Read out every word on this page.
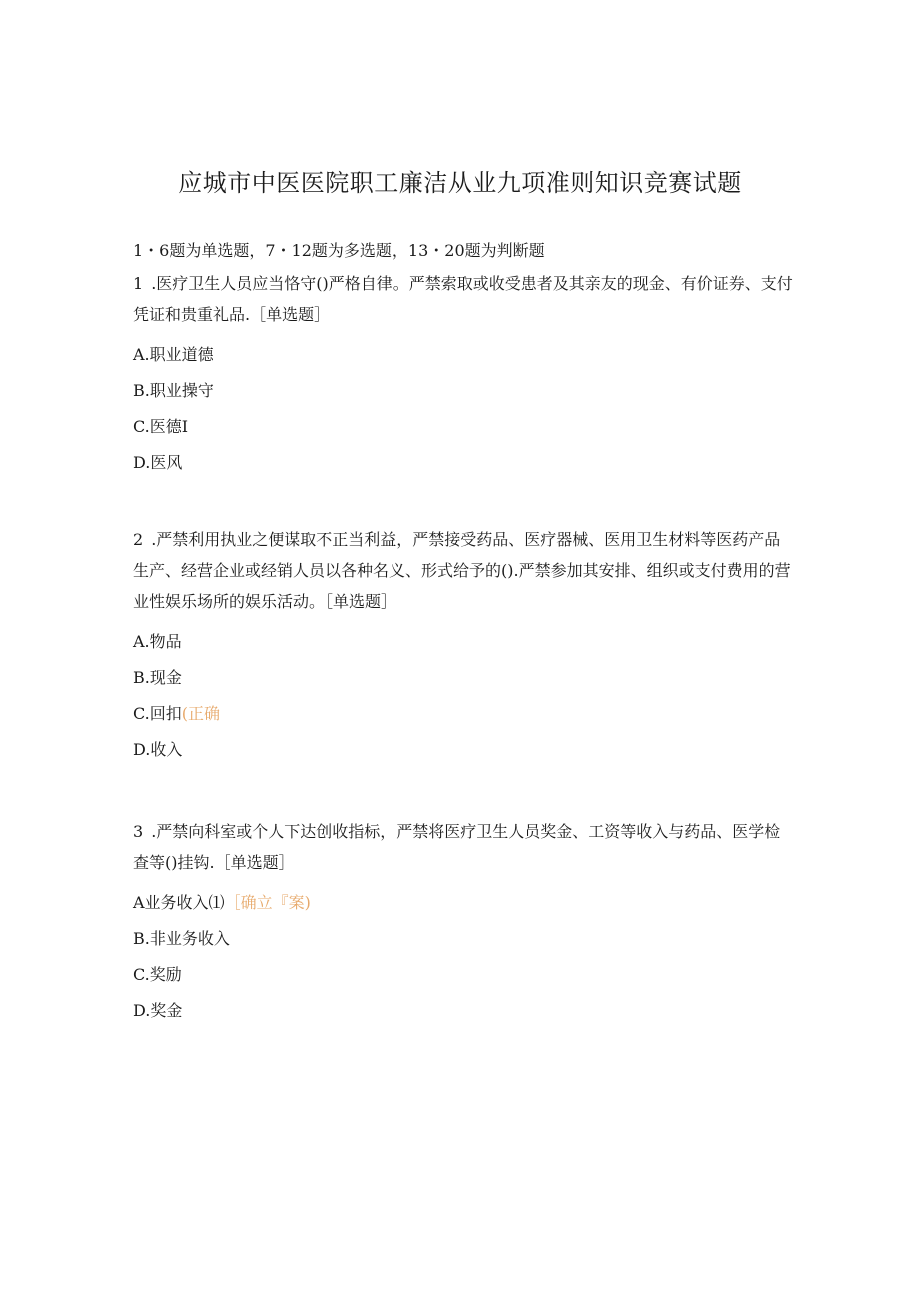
应城市中医医院职工廉洁从业九项准则知识竞赛试题
1・6题为单选题，7・12题为多选题，13・20题为判断题

1 .医疗卫生人员应当恪守()严格自律。严禁索取或收受患者及其亲友的现金、有价证券、支付凭证和贵重礼品.［单选题］

A.职业道德
B.职业操守
C.医德I
D.医风

2 .严禁利用执业之便谋取不正当利益，严禁接受药品、医疗器械、医用卫生材料等医药产品生产、经营企业或经销人员以各种名义、形式给予的().严禁参加其安排、组织或支付费用的营业性娱乐场所的娱乐活动。［单选题］

A.物品
B.现金
C.回扣(正确
D.收入

3 .严禁向科室或个人下达创收指标，严禁将医疗卫生人员奖金、工资等收入与药品、医学检查等()挂钩.［单选题］

A业务收入⑴［确立『案)
B.非业务收入
C.奖励
D.奖金
